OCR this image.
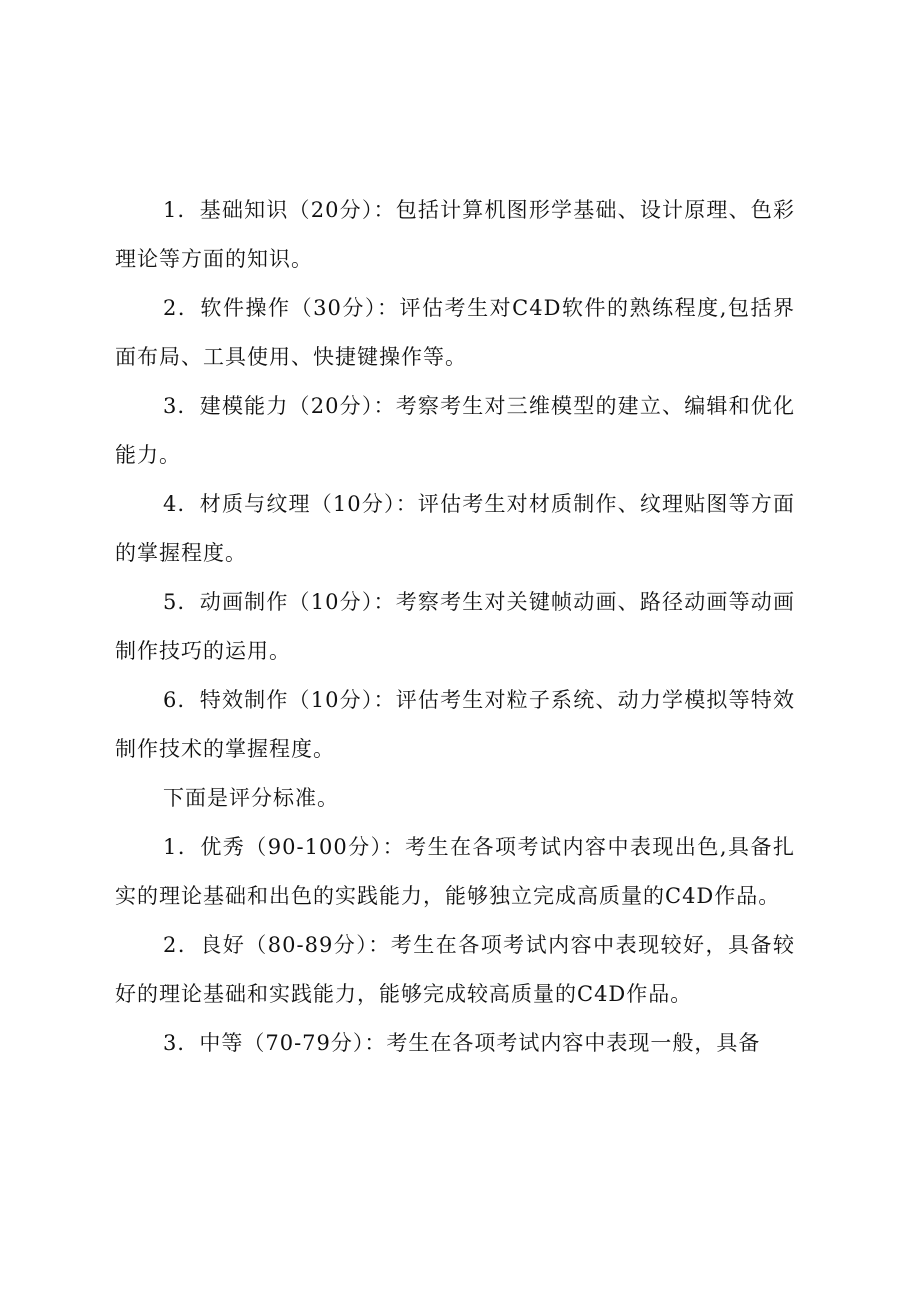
1．基础知识（20分）：包括计算机图形学基础、设计原理、色彩理论等方面的知识。

2．软件操作（30分）：评估考生对C4D软件的熟练程度,包括界面布局、工具使用、快捷键操作等。

3．建模能力（20分）：考察考生对三维模型的建立、编辑和优化能力。

4．材质与纹理（10分）：评估考生对材质制作、纹理贴图等方面的掌握程度。

5．动画制作（10分）：考察考生对关键帧动画、路径动画等动画制作技巧的运用。

6．特效制作（10分）：评估考生对粒子系统、动力学模拟等特效制作技术的掌握程度。

下面是评分标准。

1．优秀（90-100分）：考生在各项考试内容中表现出色,具备扎实的理论基础和出色的实践能力，能够独立完成高质量的C4D作品。

2．良好（80-89分）：考生在各项考试内容中表现较好，具备较好的理论基础和实践能力，能够完成较高质量的C4D作品。

3．中等（70-79分）：考生在各项考试内容中表现一般，具备
